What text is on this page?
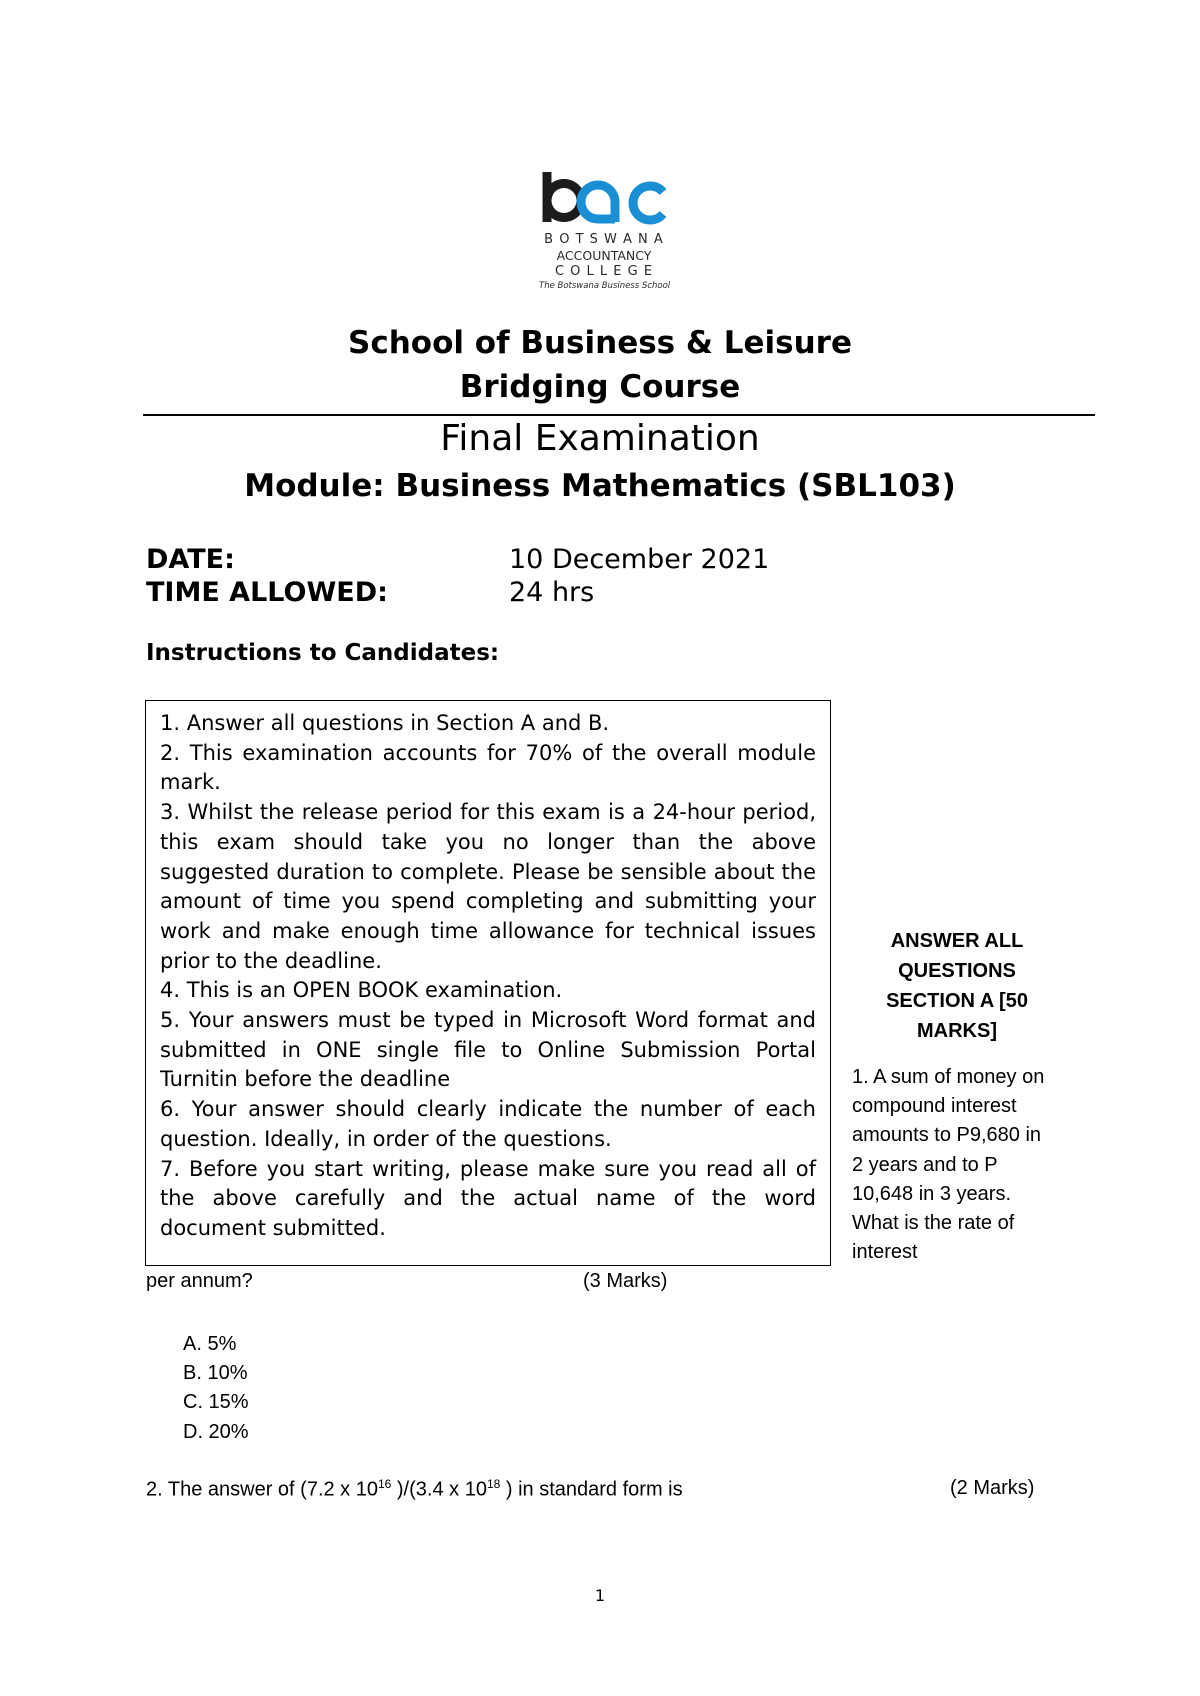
B O T S W A N A
ACCOUNTANCY
C O L L E G E
The Botswana Business School
School of Business & Leisure
Bridging Course
Final Examination
Module: Business Mathematics (SBL103)
DATE:	10 December 2021
TIME ALLOWED:	24 hrs
Instructions to Candidates:
1. Answer all questions in Section A and B.
2. This examination accounts for 70% of the overall module mark.
3. Whilst the release period for this exam is a 24-hour period, this exam should take you no longer than the above suggested duration to complete. Please be sensible about the amount of time you spend completing and submitting your work and make enough time allowance for technical issues prior to the deadline.
4. This is an OPEN BOOK examination.
5. Your answers must be typed in Microsoft Word format and submitted in ONE single file to Online Submission Portal Turnitin before the deadline
6. Your answer should clearly indicate the number of each question. Ideally, in order of the questions.
7. Before you start writing, please make sure you read all of the above carefully and the actual name of the word document submitted.
ANSWER ALL QUESTIONS SECTION A [50 MARKS]
1. A sum of money on compound interest amounts to P9,680 in 2 years and to P 10,648 in 3 years. What is the rate of interest
per annum?	(3 Marks)
A. 5%
B. 10%
C. 15%
D. 20%
2. The answer of (7.2 x $10^{16}$ )/(3.4 x $10^{18}$ ) in standard form is	(2 Marks)
1
